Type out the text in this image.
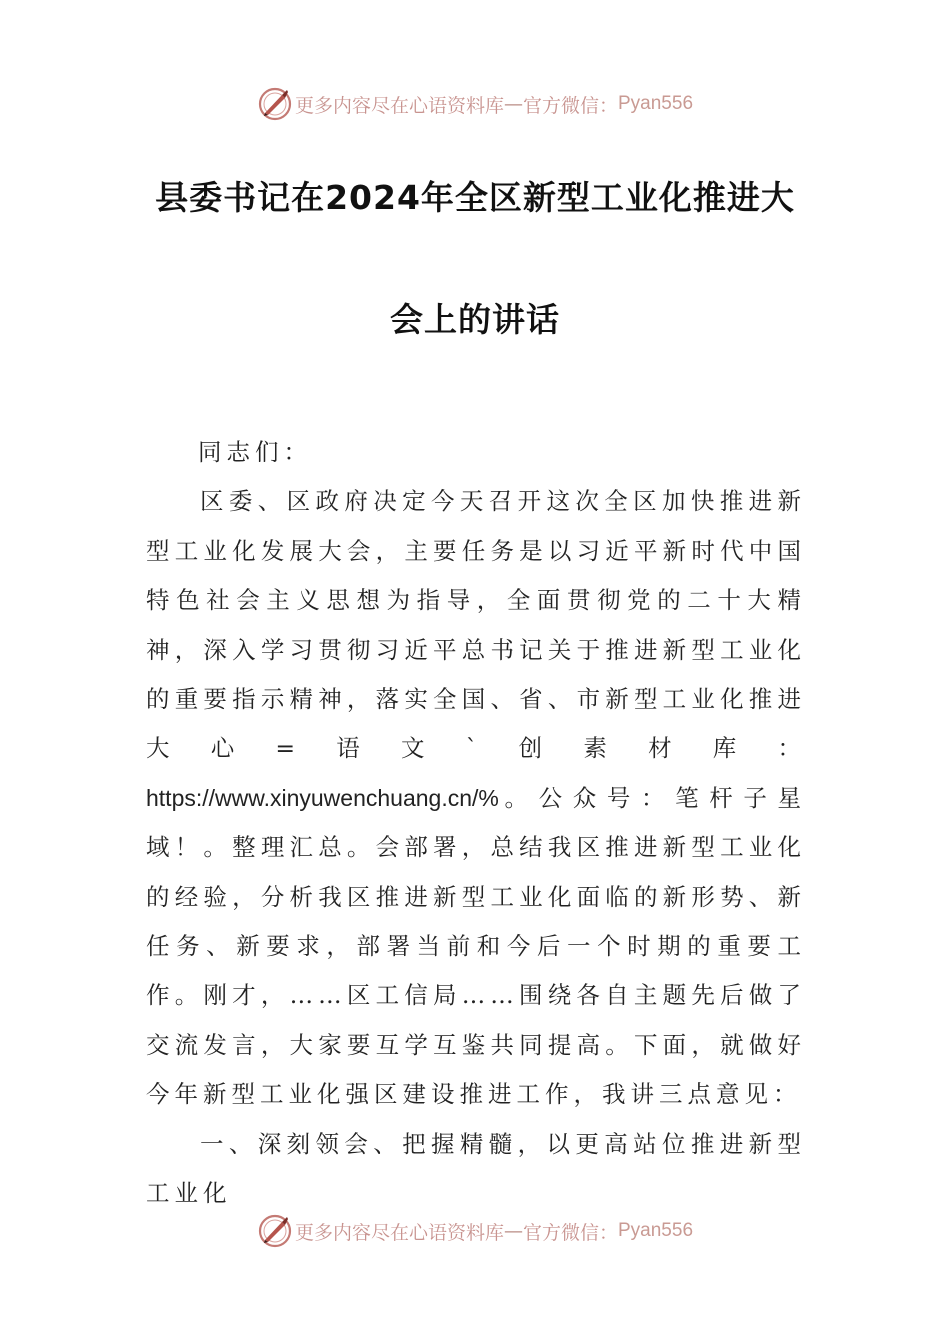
更多内容尽在心语资料库 — 官方微信： Pyan556
县委书记在2024年全区新型工业化推进大
会上的讲话

同志们：

区委、区政府决定今天召开这次全区加快推进新型工业化发展大会，主要任务是以习近平新时代中国特色社会主义思想为指导，全面贯彻党的二十大精神，深入学习贯彻习近平总书记关于推进新型工业化的重要指示精神，落实全国、省、市新型工业化推进大心=语文`创素材库：https://www.xinyuwenchuang.cn/%。公众号：笔杆子星域！。整理汇总。会部署，总结我区推进新型工业化的经验，分析我区推进新型工业化面临的新形势、新任务、新要求，部署当前和今后一个时期的重要工作。刚才，……区工信局……围绕各自主题先后做了交流发言，大家要互学互鉴共同提高。下面，就做好今年新型工业化强区建设推进工作，我讲三点意见：

一、深刻领会、把握精髓，以更高站位推进新型工业化

更多内容尽在心语资料库 — 官方微信： Pyan556
